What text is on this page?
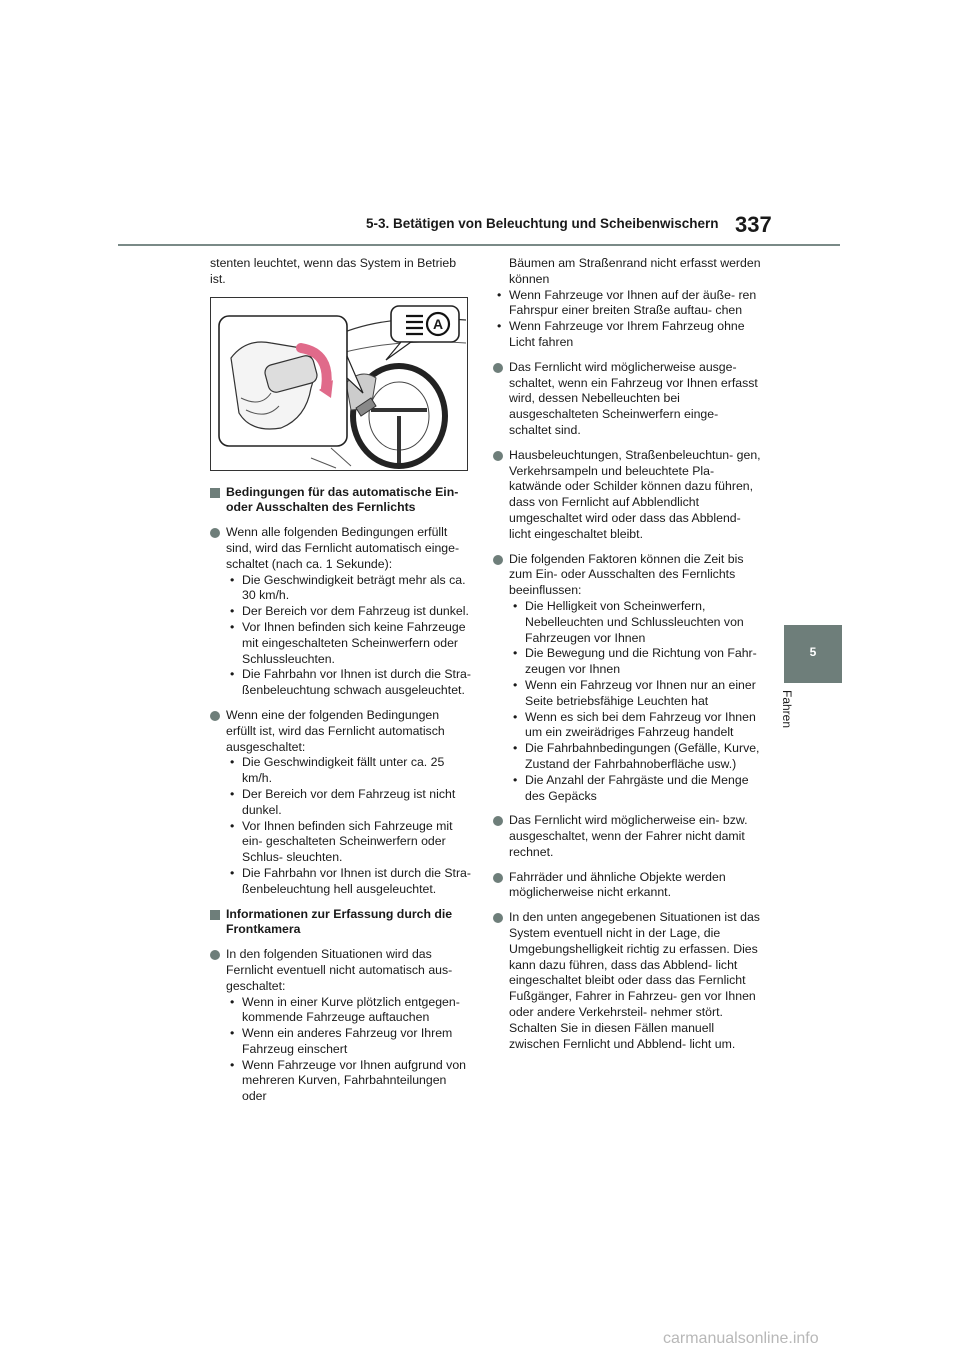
5-3. Betätigen von Beleuchtung und Scheibenwischern 337
5
Fahren

stenten leuchtet, wenn das System in Betrieb ist.

A
Bedingungen für das automatische Ein- oder Ausschalten des Fernlichts
Wenn alle folgenden Bedingungen erfüllt sind, wird das Fernlicht automatisch einge- schaltet (nach ca. 1 Sekunde):
• Die Geschwindigkeit beträgt mehr als ca. 30 km/h.
• Der Bereich vor dem Fahrzeug ist dunkel.
• Vor Ihnen befinden sich keine Fahrzeuge mit eingeschalteten Scheinwerfern oder Schlussleuchten.
• Die Fahrbahn vor Ihnen ist durch die Stra- ßenbeleuchtung schwach ausgeleuchtet.
Wenn eine der folgenden Bedingungen erfüllt ist, wird das Fernlicht automatisch ausgeschaltet:
• Die Geschwindigkeit fällt unter ca. 25 km/h.
• Der Bereich vor dem Fahrzeug ist nicht dunkel.
• Vor Ihnen befinden sich Fahrzeuge mit ein- geschalteten Scheinwerfern oder Schlus- sleuchten.
• Die Fahrbahn vor Ihnen ist durch die Stra- ßenbeleuchtung hell ausgeleuchtet.
Informationen zur Erfassung durch die Frontkamera
In den folgenden Situationen wird das Fernlicht eventuell nicht automatisch aus- geschaltet:
• Wenn in einer Kurve plötzlich entgegen- kommende Fahrzeuge auftauchen
• Wenn ein anderes Fahrzeug vor Ihrem Fahrzeug einschert
• Wenn Fahrzeuge vor Ihnen aufgrund von mehreren Kurven, Fahrbahnteilungen oder
Bäumen am Straßenrand nicht erfasst werden können
• Wenn Fahrzeuge vor Ihnen auf der äuße- ren Fahrspur einer breiten Straße auftau- chen
• Wenn Fahrzeuge vor Ihrem Fahrzeug ohne Licht fahren
Das Fernlicht wird möglicherweise ausge- schaltet, wenn ein Fahrzeug vor Ihnen erfasst wird, dessen Nebelleuchten bei ausgeschalteten Scheinwerfern einge- schaltet sind.
Hausbeleuchtungen, Straßenbeleuchtun- gen, Verkehrsampeln und beleuchtete Pla- katwände oder Schilder können dazu führen, dass von Fernlicht auf Abblendlicht umgeschaltet wird oder dass das Abblend- licht eingeschaltet bleibt.
Die folgenden Faktoren können die Zeit bis zum Ein- oder Ausschalten des Fernlichts beeinflussen:
• Die Helligkeit von Scheinwerfern, Nebelleuchten und Schlussleuchten von Fahrzeugen vor Ihnen
• Die Bewegung und die Richtung von Fahr- zeugen vor Ihnen
• Wenn ein Fahrzeug vor Ihnen nur an einer Seite betriebsfähige Leuchten hat
• Wenn es sich bei dem Fahrzeug vor Ihnen um ein zweirädriges Fahrzeug handelt
• Die Fahrbahnbedingungen (Gefälle, Kurve, Zustand der Fahrbahnoberfläche usw.)
• Die Anzahl der Fahrgäste und die Menge des Gepäcks
Das Fernlicht wird möglicherweise ein- bzw. ausgeschaltet, wenn der Fahrer nicht damit rechnet.
Fahrräder und ähnliche Objekte werden möglicherweise nicht erkannt.
In den unten angegebenen Situationen ist das System eventuell nicht in der Lage, die Umgebungshelligkeit richtig zu erfassen. Dies kann dazu führen, dass das Abblend- licht eingeschaltet bleibt oder dass das Fernlicht Fußgänger, Fahrer in Fahrzeu- gen vor Ihnen oder andere Verkehrsteil- nehmer stört. Schalten Sie in diesen Fällen manuell zwischen Fernlicht und Abblend- licht um.
carmanualsonline.info
